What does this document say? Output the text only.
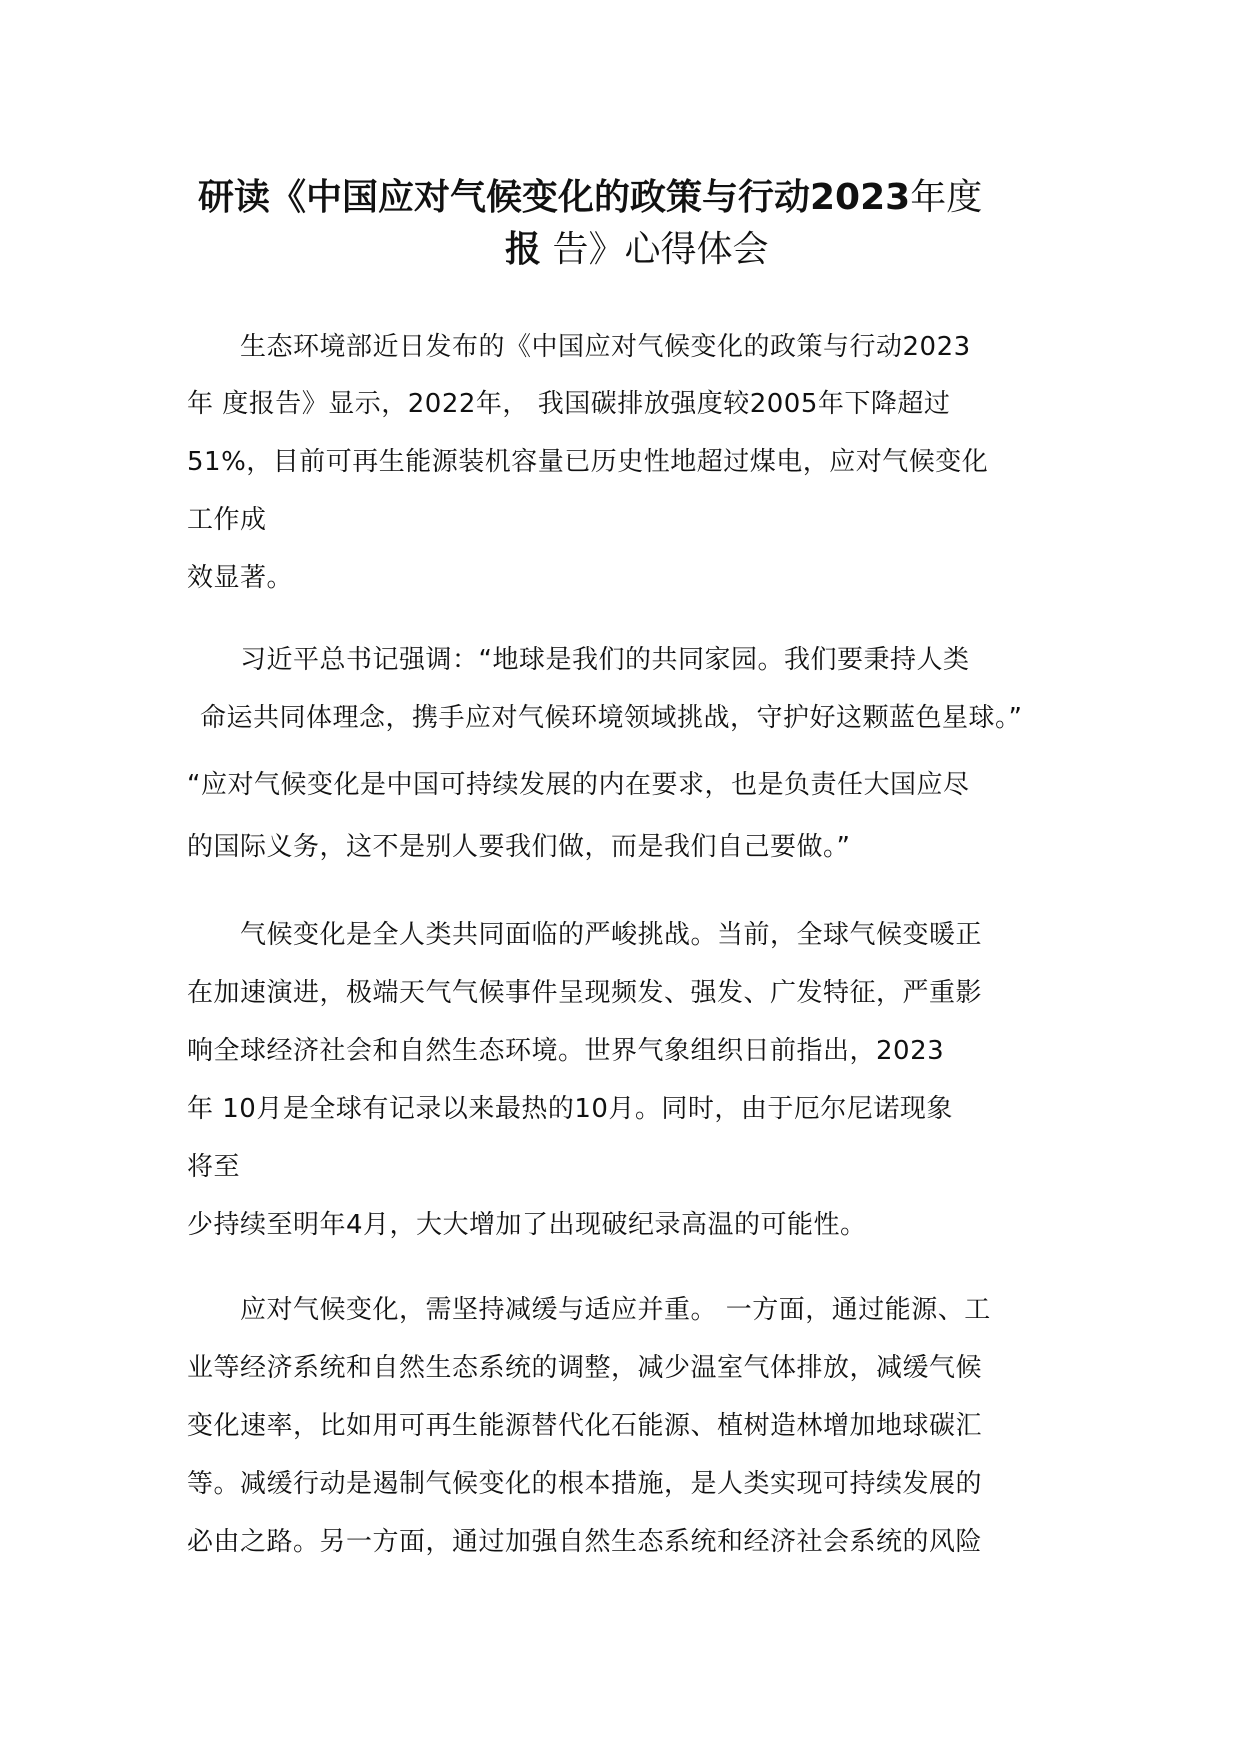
研读《中国应对气候变化的政策与行动2023年度
报 告》心得体会
生态环境部近日发布的《中国应对气候变化的政策与行动2023
年 度报告》显示，2022年， 我国碳排放强度较2005年下降超过
51%，目前可再生能源装机容量已历史性地超过煤电，应对气候变化
工作成
效显著。
习近平总书记强调：“地球是我们的共同家园。我们要秉持人类
命运共同体理念，携手应对气候环境领域挑战，守护好这颗蓝色星球。”
“应对气候变化是中国可持续发展的内在要求，也是负责任大国应尽
的国际义务，这不是别人要我们做，而是我们自己要做。”
气候变化是全人类共同面临的严峻挑战。当前，全球气候变暖正
在加速演进，极端天气气候事件呈现频发、强发、广发特征，严重影
响全球经济社会和自然生态环境。世界气象组织日前指出，2023
年 10月是全球有记录以来最热的10月。同时，由于厄尔尼诺现象
将至
少持续至明年4月，大大增加了出现破纪录高温的可能性。
应对气候变化，需坚持减缓与适应并重。 一方面，通过能源、工
业等经济系统和自然生态系统的调整，减少温室气体排放，减缓气候
变化速率，比如用可再生能源替代化石能源、植树造林增加地球碳汇
等。减缓行动是遏制气候变化的根本措施，是人类实现可持续发展的
必由之路。另一方面，通过加强自然生态系统和经济社会系统的风险
